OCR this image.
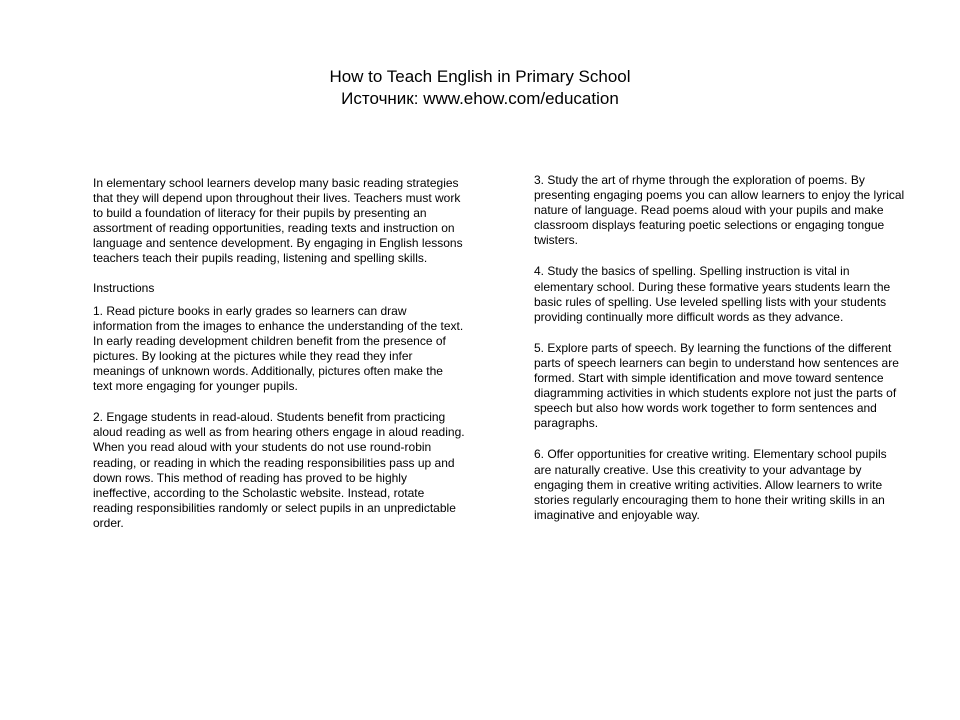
How to Teach English in Primary School
Источник: www.ehow.com/education

In elementary school learners develop many basic reading strategies that they will depend upon throughout their lives. Teachers must work to build a foundation of literacy for their pupils by presenting an assortment of reading opportunities, reading texts and instruction on language and sentence development. By engaging in English lessons teachers teach their pupils reading, listening and spelling skills.

Instructions

1. Read picture books in early grades so learners can draw information from the images to enhance the understanding of the text. In early reading development children benefit from the presence of pictures. By looking at the pictures while they read they infer meanings of unknown words. Additionally, pictures often make the text more engaging for younger pupils.

2. Engage students in read-aloud. Students benefit from practicing aloud reading as well as from hearing others engage in aloud reading. When you read aloud with your students do not use round-robin reading, or reading in which the reading responsibilities pass up and down rows. This method of reading has proved to be highly ineffective, according to the Scholastic website. Instead, rotate reading responsibilities randomly or select pupils in an unpredictable order.

3. Study the art of rhyme through the exploration of poems. By presenting engaging poems you can allow learners to enjoy the lyrical nature of language. Read poems aloud with your pupils and make classroom displays featuring poetic selections or engaging tongue twisters.

4. Study the basics of spelling. Spelling instruction is vital in elementary school. During these formative years students learn the basic rules of spelling. Use leveled spelling lists with your students providing continually more difficult words as they advance.

5. Explore parts of speech. By learning the functions of the different parts of speech learners can begin to understand how sentences are formed. Start with simple identification and move toward sentence diagramming activities in which students explore not just the parts of speech but also how words work together to form sentences and paragraphs.

6. Offer opportunities for creative writing. Elementary school pupils are naturally creative. Use this creativity to your advantage by engaging them in creative writing activities. Allow learners to write stories regularly encouraging them to hone their writing skills in an imaginative and enjoyable way.
